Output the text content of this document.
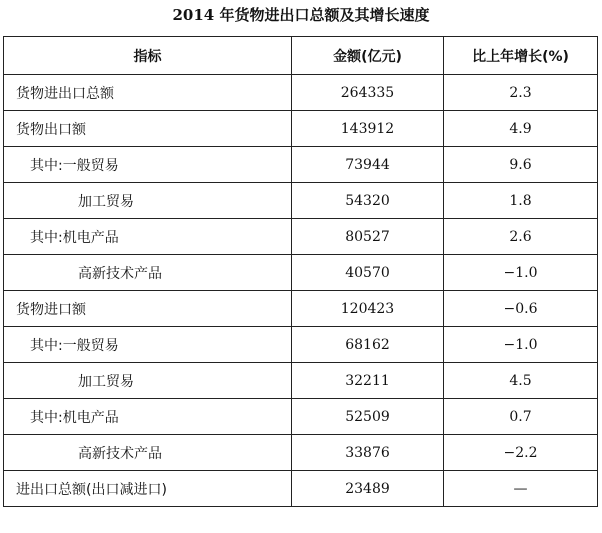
2014 年货物进出口总额及其增长速度
指标	金额(亿元)	比上年增长(%)
货物进出口总额	264335	2.3
货物出口额	143912	4.9
其中:一般贸易	73944	9.6
加工贸易	54320	1.8
其中:机电产品	80527	2.6
高新技术产品	40570	−1.0
货物进口额	120423	−0.6
其中:一般贸易	68162	−1.0
加工贸易	32211	4.5
其中:机电产品	52509	0.7
高新技术产品	33876	−2.2
进出口总额(出口减进口)	23489	—
